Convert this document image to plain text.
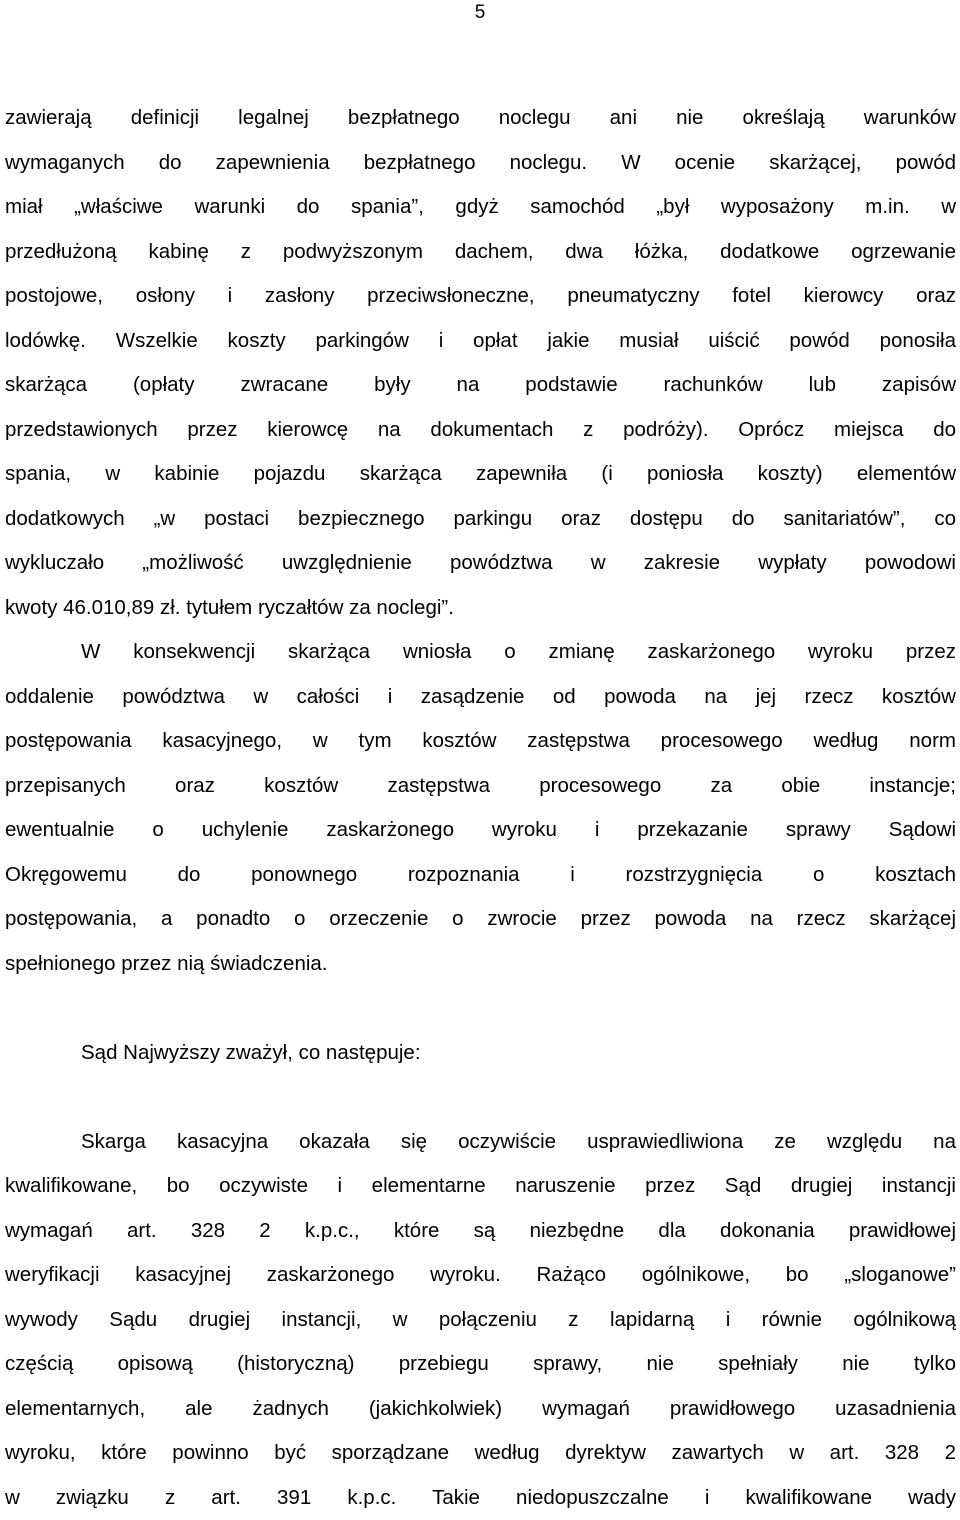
5
zawierają definicji legalnej bezpłatnego noclegu ani nie określają warunków
wymaganych do zapewnienia bezpłatnego noclegu. W ocenie skarżącej, powód
miał „właściwe warunki do spania”, gdyż samochód „był wyposażony m.in. w
przedłużoną kabinę z podwyższonym dachem, dwa łóżka, dodatkowe ogrzewanie
postojowe, osłony i zasłony przeciwsłoneczne, pneumatyczny fotel kierowcy oraz
lodówkę. Wszelkie koszty parkingów i opłat jakie musiał uiścić powód ponosiła
skarżąca (opłaty zwracane były na podstawie rachunków lub zapisów
przedstawionych przez kierowcę na dokumentach z podróży). Oprócz miejsca do
spania, w kabinie pojazdu skarżąca zapewniła (i poniosła koszty) elementów
dodatkowych „w postaci bezpiecznego parkingu oraz dostępu do sanitariatów”, co
wykluczało „możliwość uwzględnienie powództwa w zakresie wypłaty powodowi
kwoty 46.010,89 zł. tytułem ryczałtów za noclegi”.
W konsekwencji skarżąca wniosła o zmianę zaskarżonego wyroku przez
oddalenie powództwa w całości i zasądzenie od powoda na jej rzecz kosztów
postępowania kasacyjnego, w tym kosztów zastępstwa procesowego według norm
przepisanych oraz kosztów zastępstwa procesowego za obie instancje;
ewentualnie o uchylenie zaskarżonego wyroku i przekazanie sprawy Sądowi
Okręgowemu do ponownego rozpoznania i rozstrzygnięcia o kosztach
postępowania, a ponadto o orzeczenie o zwrocie przez powoda na rzecz skarżącej
spełnionego przez nią świadczenia.
Sąd Najwyższy zważył, co następuje:
Skarga kasacyjna okazała się oczywiście usprawiedliwiona ze względu na
kwalifikowane, bo oczywiste i elementarne naruszenie przez Sąd drugiej instancji
wymagań art. 328 2 k.p.c., które są niezbędne dla dokonania prawidłowej
weryfikacji kasacyjnej zaskarżonego wyroku. Rażąco ogólnikowe, bo „sloganowe”
wywody Sądu drugiej instancji, w połączeniu z lapidarną i równie ogólnikową
częścią opisową (historyczną) przebiegu sprawy, nie spełniały nie tylko
elementarnych, ale żadnych (jakichkolwiek) wymagań prawidłowego uzasadnienia
wyroku, które powinno być sporządzane według dyrektyw zawartych w art. 328 2
w związku z art. 391 k.p.c. Takie niedopuszczalne i kwalifikowane wady
